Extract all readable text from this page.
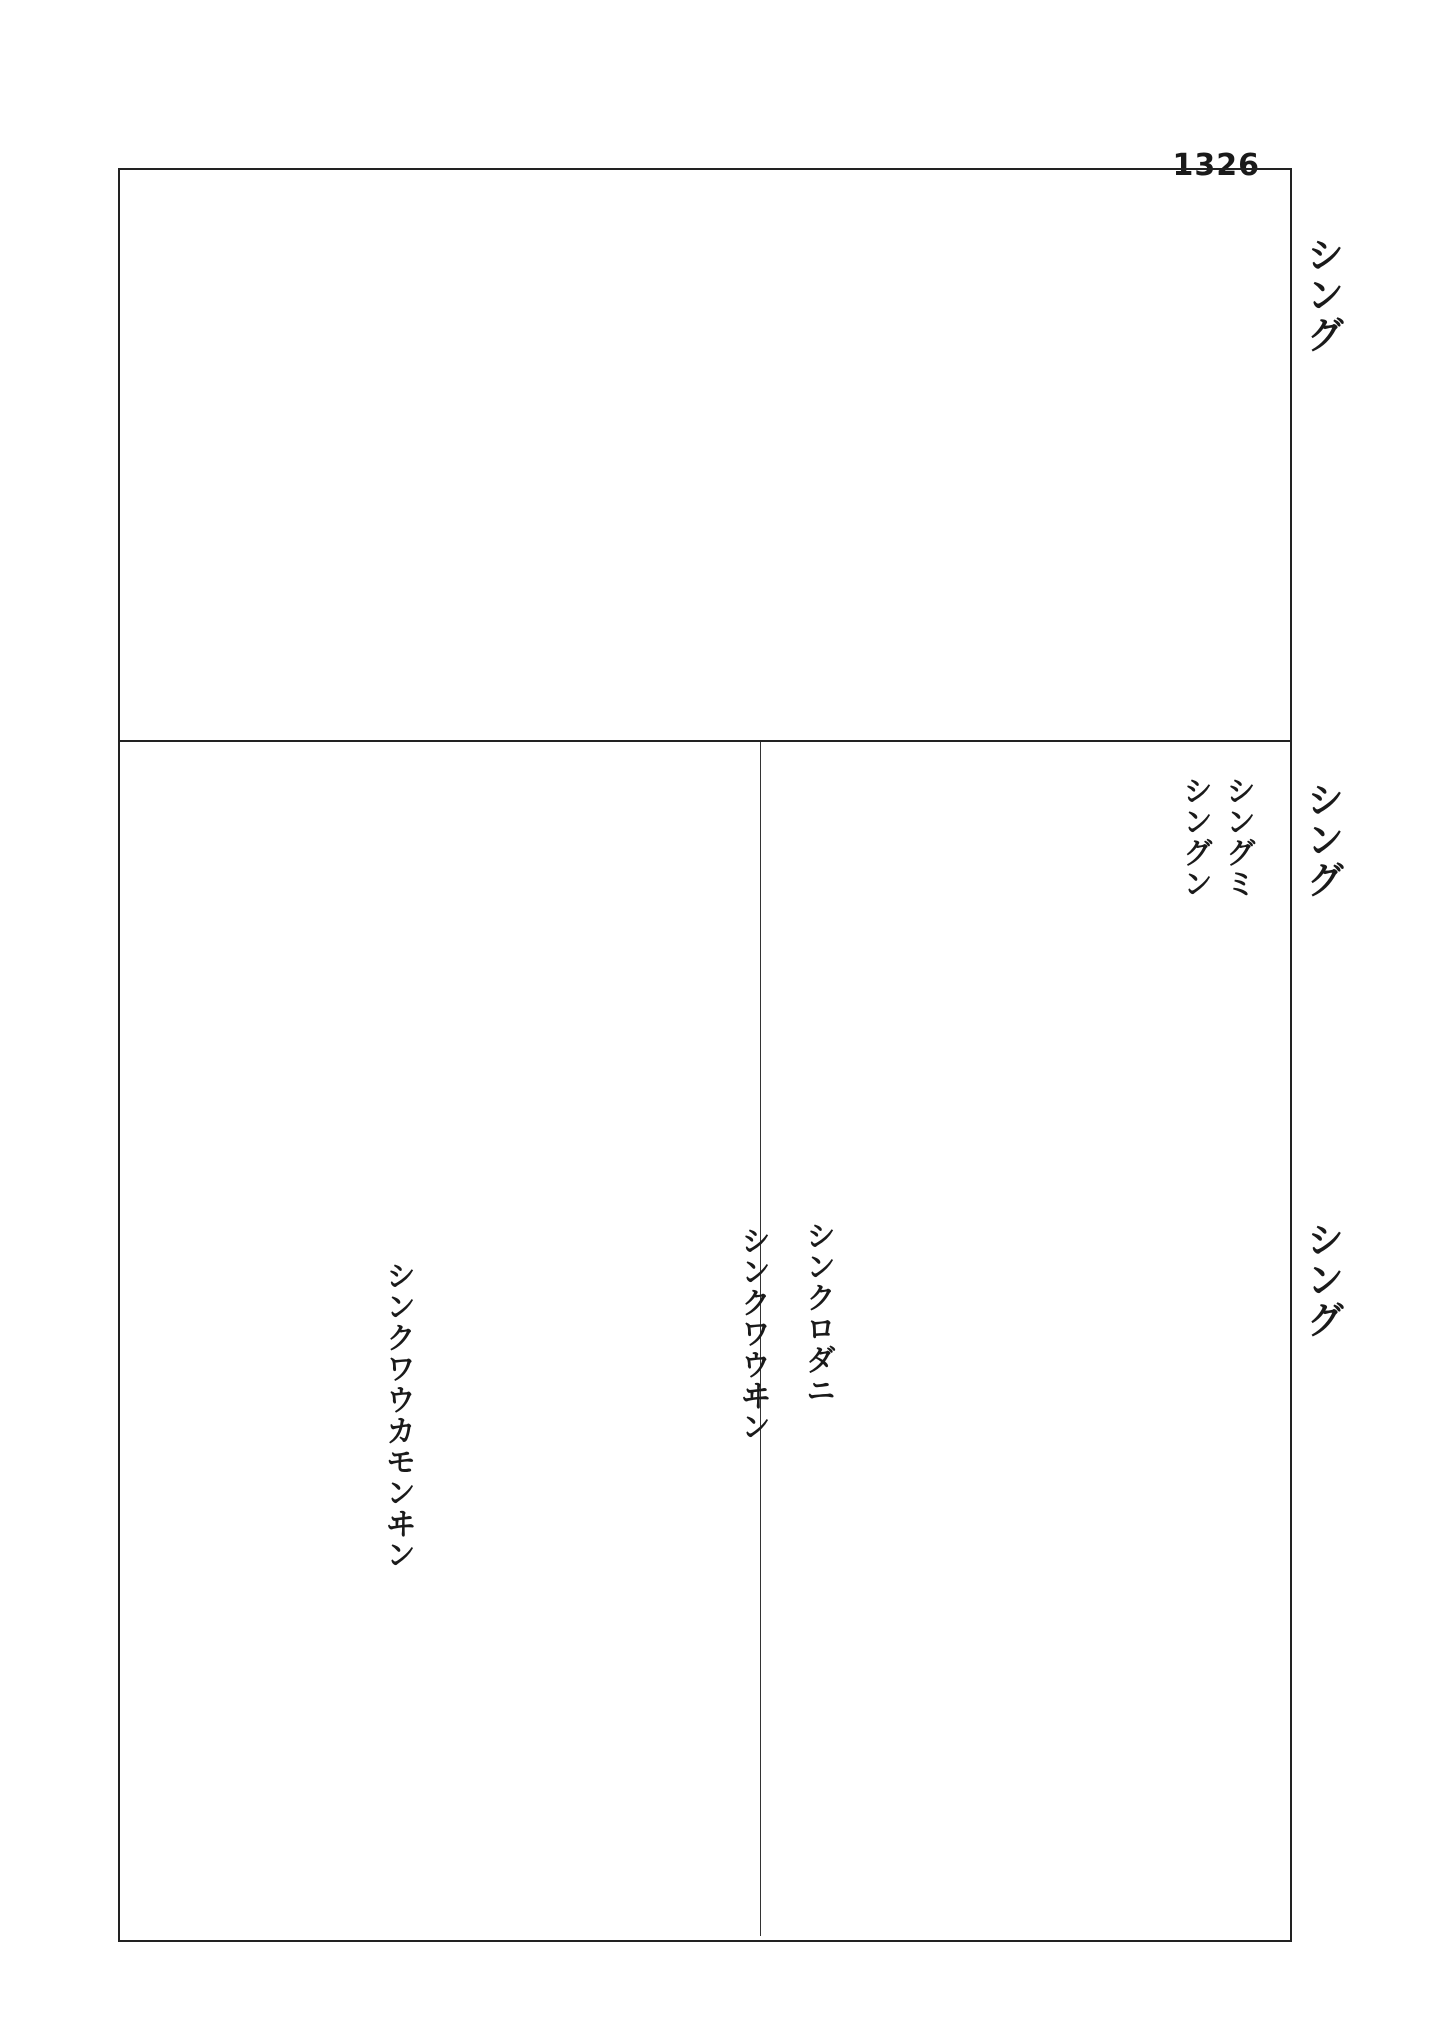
1326
シング
シング
シング
シングミ
シングン
シンクロダニ
シンクワウヰン
シンクワウカモンヰン
